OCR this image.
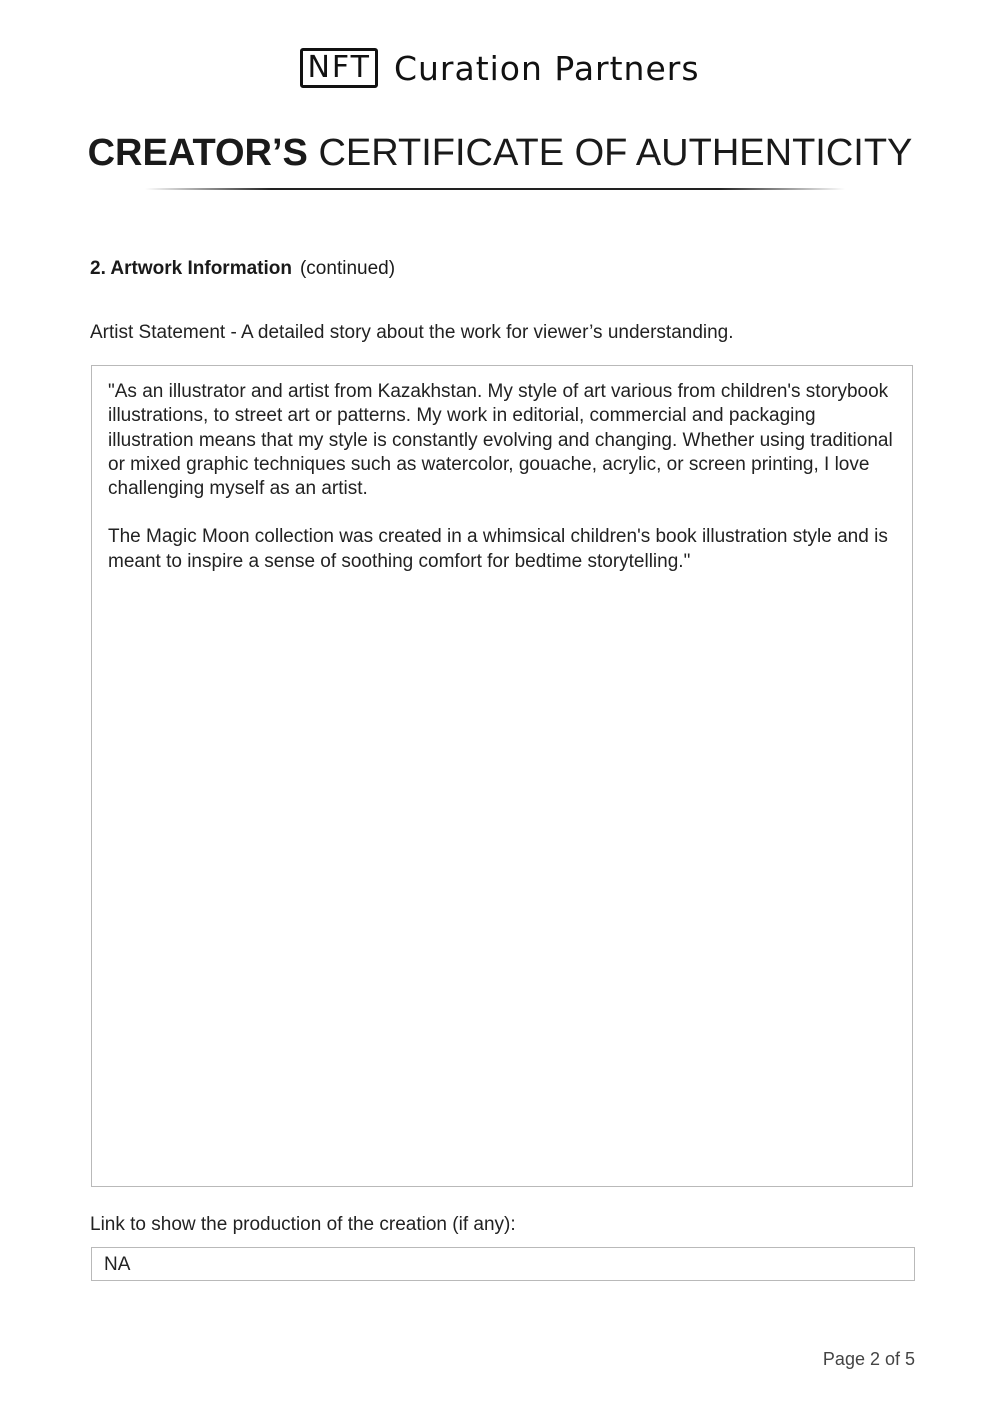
NFT Curation Partners
CREATOR’S CERTIFICATE OF AUTHENTICITY
2. Artwork Information (continued)
Artist Statement - A detailed story about the work for viewer’s understanding.

"As an illustrator and artist from Kazakhstan. My style of art various from children's storybook illustrations, to street art or patterns. My work in editorial, commercial and packaging illustration means that my style is constantly evolving and changing. Whether using traditional or mixed graphic techniques such as watercolor, gouache, acrylic, or screen printing, I love challenging myself as an artist.

The Magic Moon collection was created in a whimsical children's book illustration style and is meant to inspire a sense of soothing comfort for bedtime storytelling."

Link to show the production of the creation (if any):
NA
Page 2 of 5
